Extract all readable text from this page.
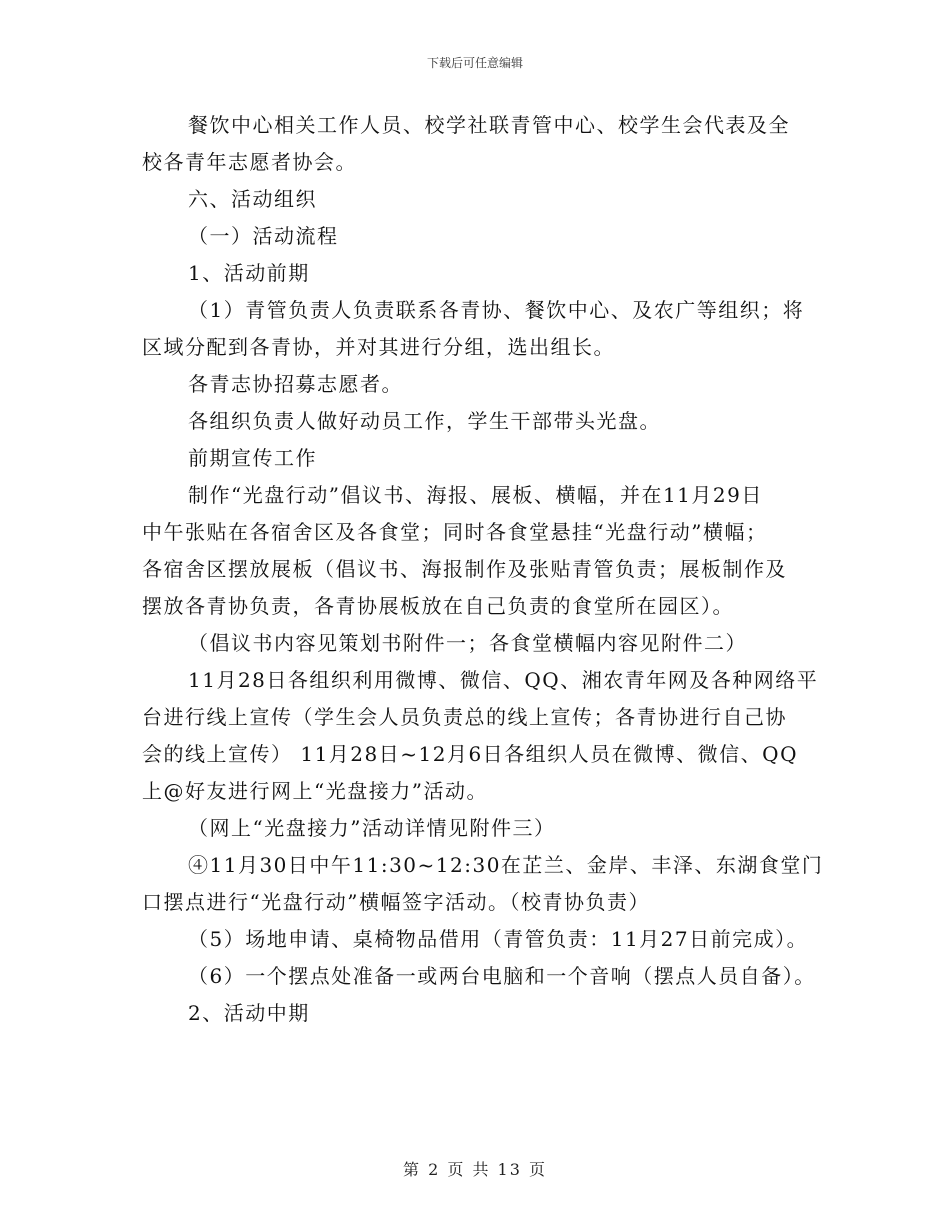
下载后可任意编辑
餐饮中心相关工作人员、校学社联青管中心、校学生会代表及全
校各青年志愿者协会。
六、活动组织
（一）活动流程
1、活动前期
（1）青管负责人负责联系各青协、餐饮中心、及农广等组织；将
区域分配到各青协，并对其进行分组，选出组长。
各青志协招募志愿者。
各组织负责人做好动员工作，学生干部带头光盘。
前期宣传工作
制作“光盘行动”倡议书、海报、展板、横幅，并在11月29日
中午张贴在各宿舍区及各食堂；同时各食堂悬挂“光盘行动”横幅；
各宿舍区摆放展板（倡议书、海报制作及张贴青管负责；展板制作及
摆放各青协负责，各青协展板放在自己负责的食堂所在园区）。
（倡议书内容见策划书附件一；各食堂横幅内容见附件二）
11月28日各组织利用微博、微信、QQ、湘农青年网及各种网络平
台进行线上宣传（学生会人员负责总的线上宣传；各青协进行自己协
会的线上宣传） 11月28日~12月6日各组织人员在微博、微信、QQ
上@好友进行网上“光盘接力”活动。
（网上“光盘接力”活动详情见附件三）
④11月30日中午11:30~12:30在芷兰、金岸、丰泽、东湖食堂门
口摆点进行“光盘行动”横幅签字活动。（校青协负责）
（5）场地申请、桌椅物品借用（青管负责：11月27日前完成）。
（6）一个摆点处准备一或两台电脑和一个音响（摆点人员自备）。
2、活动中期
第 2 页 共 13 页
